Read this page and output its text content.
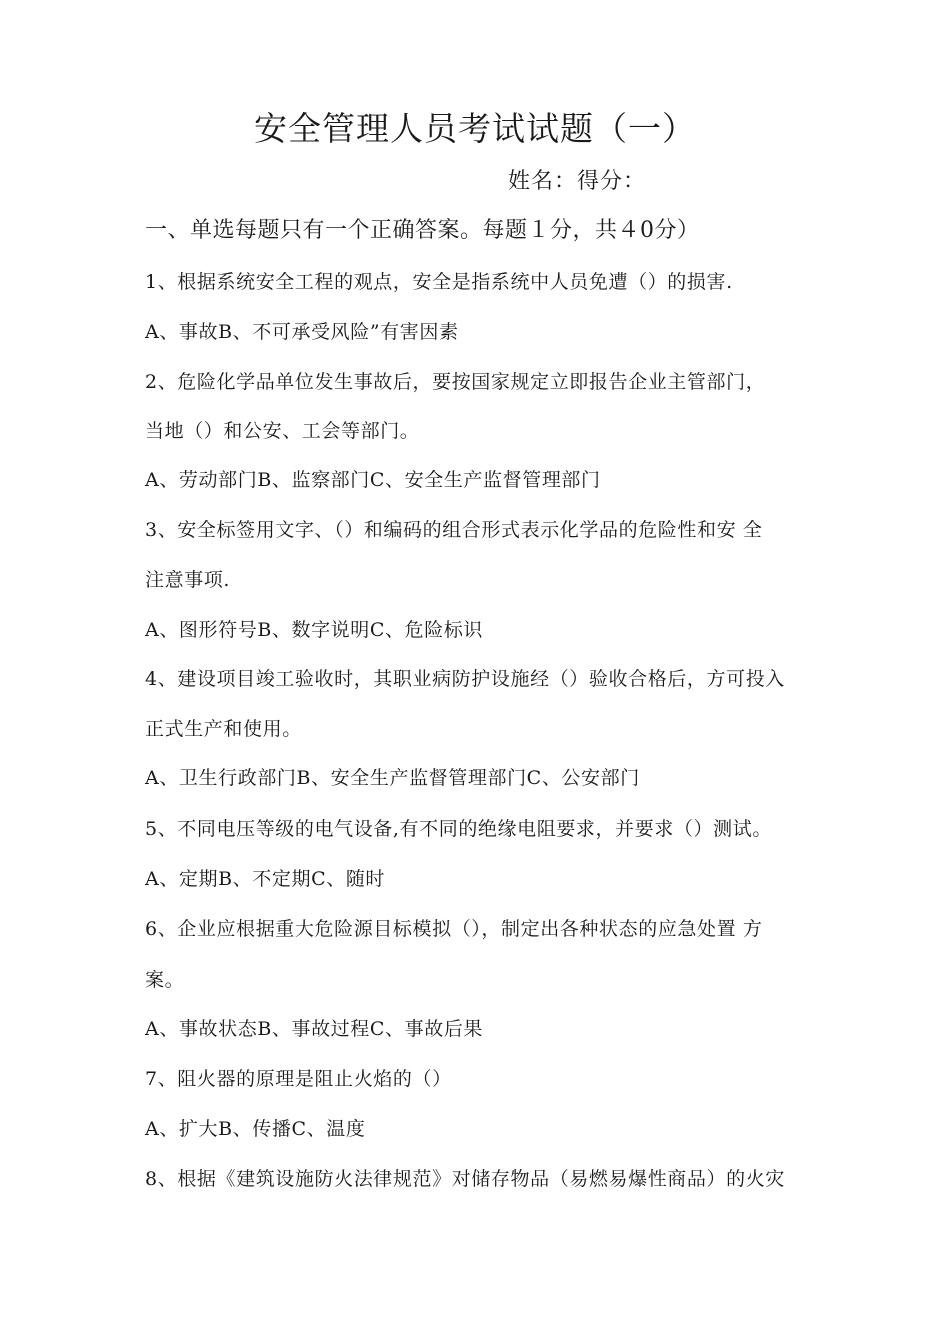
安全管理人员考试试题（一）
姓名：得分：
一、单选每题只有一个正确答案。每题１分，共４0分）
1、根据系统安全工程的观点，安全是指系统中人员免遭（）的损害.
A、事故B、不可承受风险”有害因素
2、危险化学品单位发生事故后，要按国家规定立即报告企业主管部门，
当地（）和公安、工会等部门。
A、劳动部门B、监察部门C、安全生产监督管理部门
3、安全标签用文字、（）和编码的组合形式表示化学品的危险性和安 全
注意事项.
A、图形符号B、数字说明C、危险标识
4、建设项目竣工验收时，其职业病防护设施经（）验收合格后，方可投入
正式生产和使用。
A、卫生行政部门B、安全生产监督管理部门C、公安部门
5、不同电压等级的电气设备,有不同的绝缘电阻要求，并要求（）测试。
A、定期B、不定期C、随时
6、企业应根据重大危险源目标模拟（），制定出各种状态的应急处置 方
案。
A、事故状态B、事故过程C、事故后果
7、阻火器的原理是阻止火焰的（）
A、扩大B、传播C、温度
8、根据《建筑设施防火法律规范》对储存物品（易燃易爆性商品）的火灾
